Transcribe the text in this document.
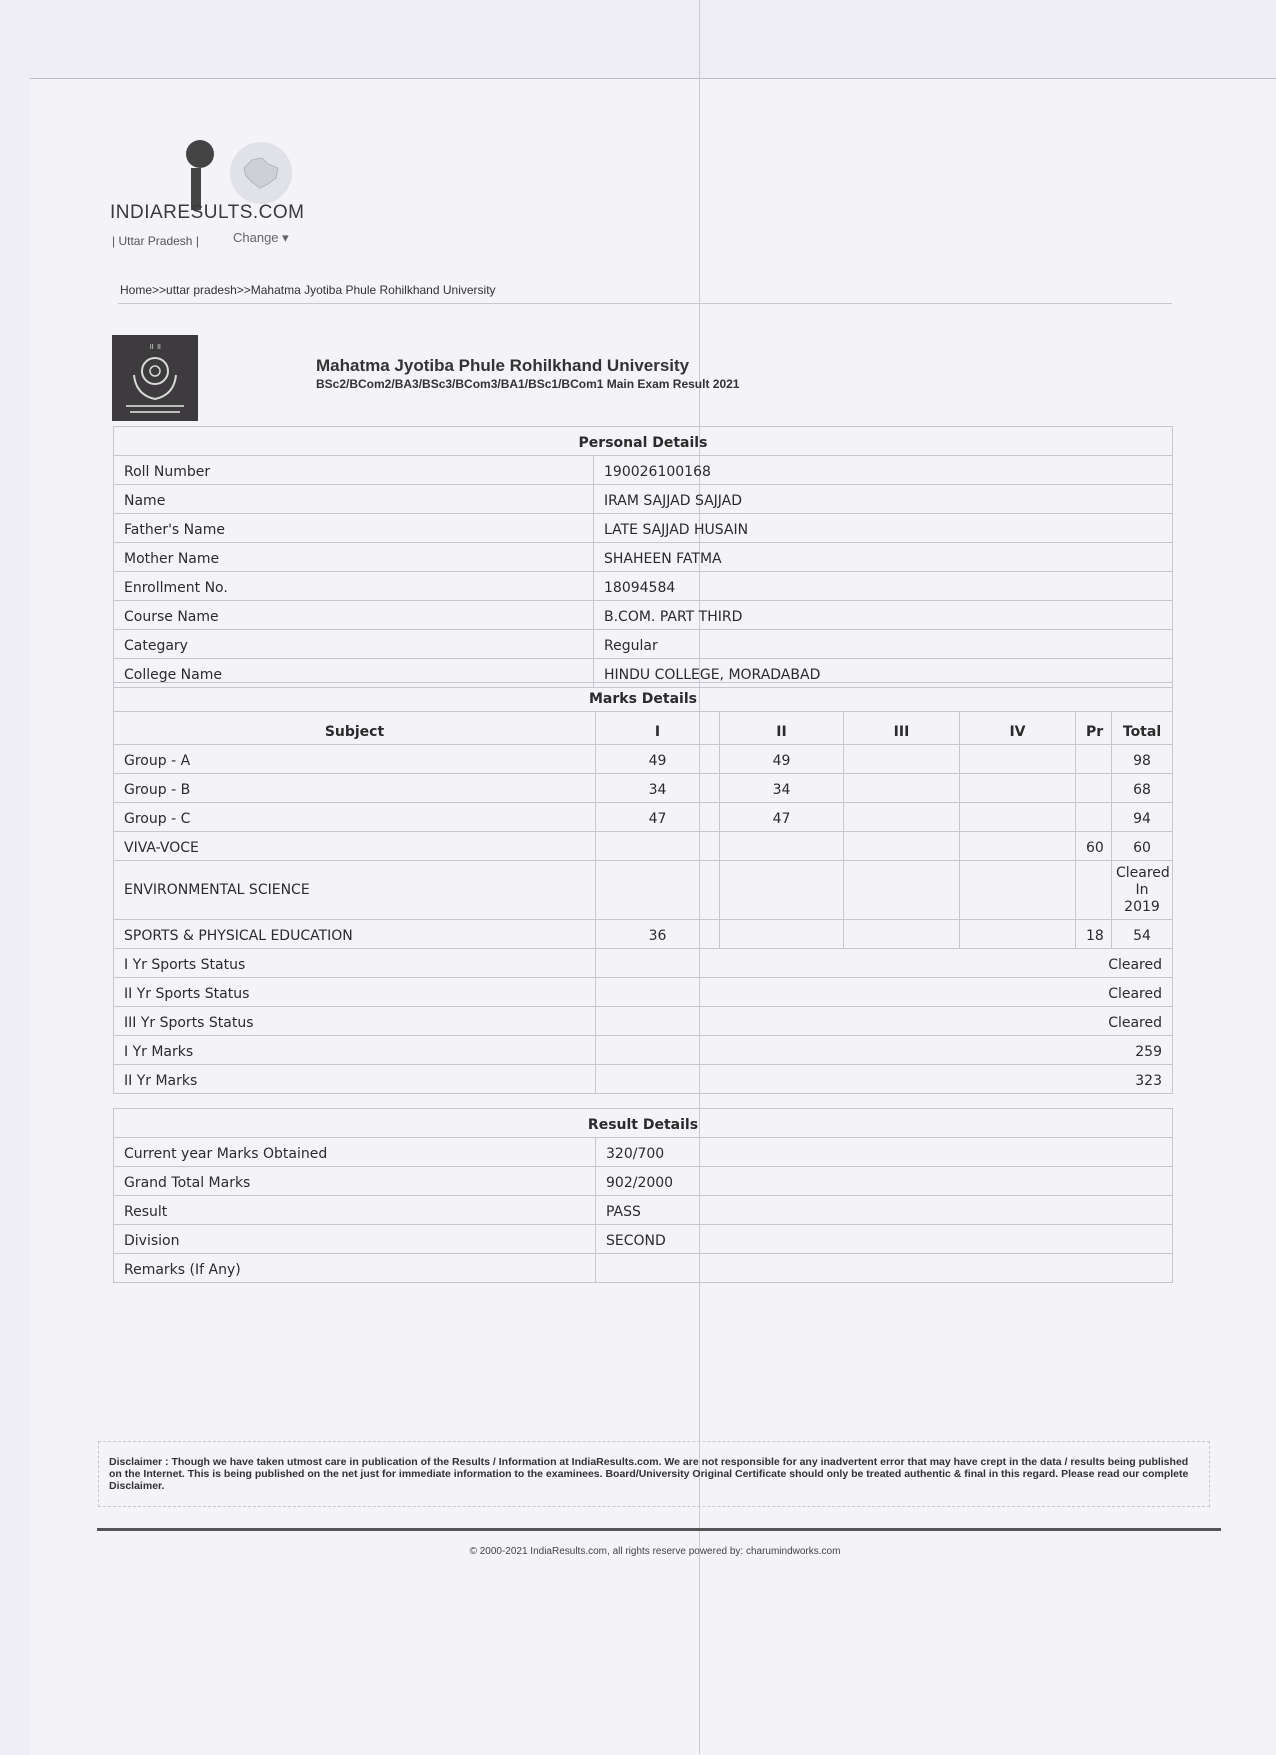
INDIARESULTS.COM
| Uttar Pradesh |	Change ▾
Home>>uttar pradesh>>Mahatma Jyotiba Phule Rohilkhand University
॥ ॥
Mahatma Jyotiba Phule Rohilkhand University
BSc2/BCom2/BA3/BSc3/BCom3/BA1/BSc1/BCom1 Main Exam Result 2021
Personal Details	
Roll Number	190026100168
Name	IRAM SAJJAD SAJJAD
Father's Name	LATE SAJJAD HUSAIN
Mother Name	SHAHEEN FATMA
Enrollment No.	18094584
Course Name	B.COM. PART THIRD
Categary	Regular
College Name	HINDU COLLEGE, MORADABAD
Marks Details						
Subject	I	II	III	IV	Pr	Total
Group - A	49	49				98
Group - B	34	34				68
Group - C	47	47				94
VIVA-VOCE					60	60
ENVIRONMENTAL SCIENCE						Cleared In 2019
SPORTS & PHYSICAL EDUCATION	36				18	54
I Yr Sports Status	Cleared					
II Yr Sports Status	Cleared					
III Yr Sports Status	Cleared					
I Yr Marks	259					
II Yr Marks	323					
Result Details	
Current year Marks Obtained	320/700
Grand Total Marks	902/2000
Result	PASS
Division	SECOND
Remarks (If Any)	
Disclaimer : Though we have taken utmost care in publication of the Results / Information at IndiaResults.com. We are not responsible for any inadvertent error that may have crept in the data / results being published on the Internet. This is being published on the net just for immediate information to the examinees. Board/University Original Certificate should only be treated authentic & final in this regard. Please read our complete Disclaimer.
© 2000-2021 IndiaResults.com, all rights reserve powered by: charumindworks.com
